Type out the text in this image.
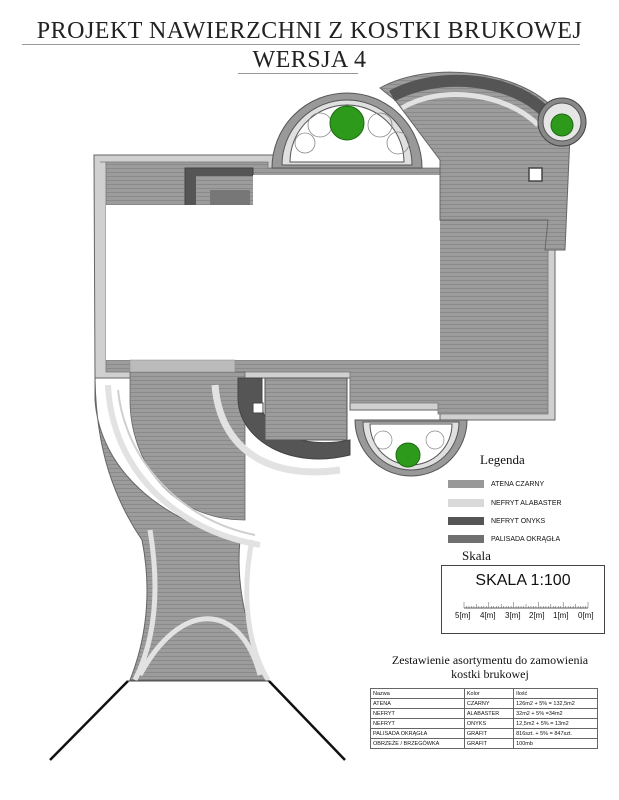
PROJEKT NAWIERZCHNI Z KOSTKI BRUKOWEJ
WERSJA 4
Legenda
ATENA CZARNY
NEFRYT ALABASTER
NEFRYT ONYKS
PALISADA OKRĄGŁA
Skala
SKALA 1:100
5[m] 4[m] 3[m] 2[m] 1[m] 0[m]
Zestawienie asortymentu do zamowienia
kostki brukowej
Nazwa	Kolor	Ilość
ATENA	CZARNY	126m2 + 5% = 132,5m2
NEFRYT	ALABASTER	32m2 + 5% =34m2
NEFRYT	ONYKS	12,5m2 + 5% = 13m2
PALISADA OKRĄGŁA	GRAFIT	816szt. + 5% = 847szt.
OBRZEŻE / BRZEGÓWKA	GRAFIT	100mb
